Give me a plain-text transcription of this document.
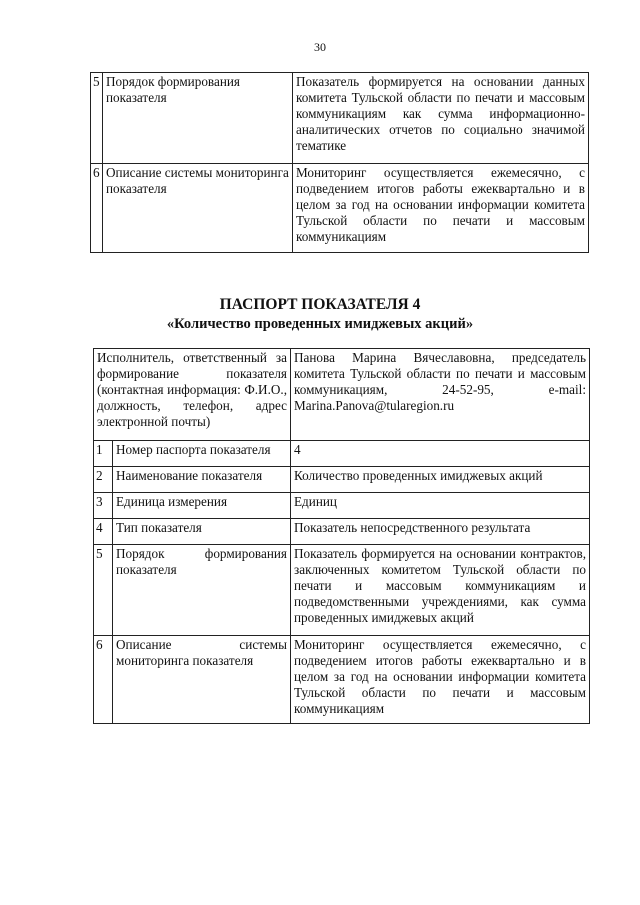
30
5	Порядок формирования показателя	Показатель формируется на основании данных комитета Тульской области по печати и массовым коммуникациям как сумма информационно-аналитических отчетов по социально значимой тематике
6	Описание системы мониторинга показателя	Мониторинг осуществляется ежемесячно, с подведением итогов работы ежеквартально и в целом за год на основании информации комитета Тульской области по печати и массовым коммуникациям
ПАСПОРТ ПОКАЗАТЕЛЯ 4
«Количество проведенных имиджевых акций»
Исполнитель, ответственный за формирование показателя (контактная информация: Ф.И.О., должность, телефон, адрес электронной почты)		Панова Марина Вячеславовна, председатель комитета Тульской области по печати и массовым коммуникациям, 24-52-95, e-mail: Marina.Panova@tularegion.ru
1	Номер паспорта показателя	4
2	Наименование показателя	Количество проведенных имиджевых акций
3	Единица измерения	Единиц
4	Тип показателя	Показатель непосредственного результата
5	Порядок формирования показателя	Показатель формируется на основании контрактов, заключенных комитетом Тульской области по печати и массовым коммуникациям и подведомственными учреждениями, как сумма проведенных имиджевых акций
6	Описание системы мониторинга показателя	Мониторинг осуществляется ежемесячно, с подведением итогов работы ежеквартально и в целом за год на основании информации комитета Тульской области по печати и массовым коммуникациям
